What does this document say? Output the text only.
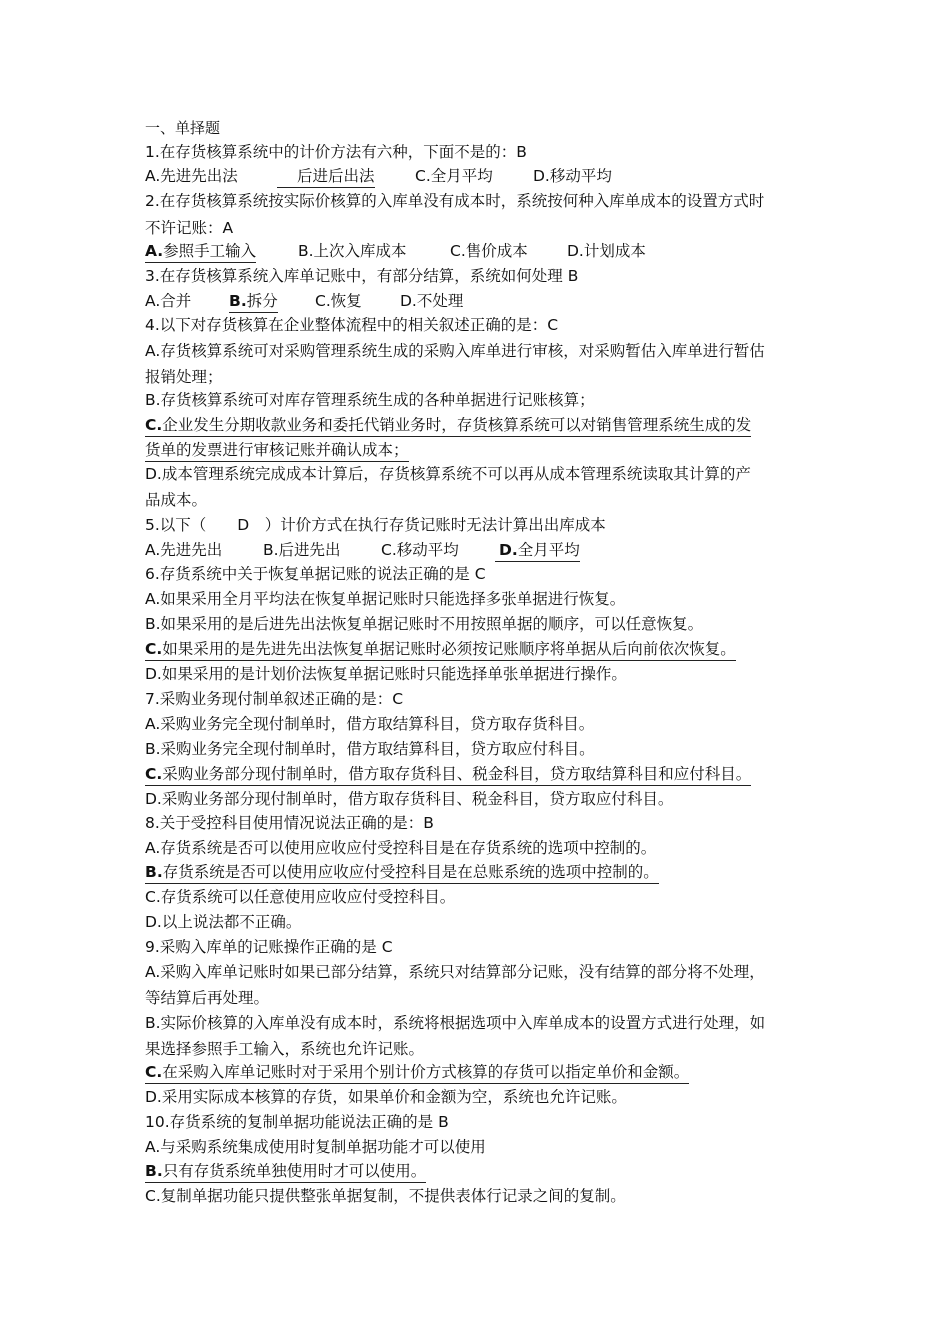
一、单择题
1.在存货核算系统中的计价方法有六种，下面不是的：B
A.先进先出法	后进后出法	C.全月平均	D.移动平均
2.在存货核算系统按实际价核算的入库单没有成本时，系统按何种入库单成本的设置方式时
不许记账：A
A.参照手工输入	B.上次入库成本	C.售价成本	D.计划成本
3.在存货核算系统入库单记账中，有部分结算，系统如何处理 B
A.合并 B.拆分 C.恢复 D.不处理
4.以下对存货核算在企业整体流程中的相关叙述正确的是：C
A.存货核算系统可对采购管理系统生成的采购入库单进行审核，对采购暂估入库单进行暂估
报销处理；
B.存货核算系统可对库存管理系统生成的各种单据进行记账核算；
C.企业发生分期收款业务和委托代销业务时，存货核算系统可以对销售管理系统生成的发
货单的发票进行审核记账并确认成本；
D.成本管理系统完成成本计算后，存货核算系统不可以再从成本管理系统读取其计算的产
品成本。
5.以下（　　D　）计价方式在执行存货记账时无法计算出出库成本
A.先进先出	B.后进先出	C.移动平均	D.全月平均
6.存货系统中关于恢复单据记账的说法正确的是 C
A.如果采用全月平均法在恢复单据记账时只能选择多张单据进行恢复。
B.如果采用的是后进先出法恢复单据记账时不用按照单据的顺序，可以任意恢复。
C.如果采用的是先进先出法恢复单据记账时必须按记账顺序将单据从后向前依次恢复。
D.如果采用的是计划价法恢复单据记账时只能选择单张单据进行操作。
7.采购业务现付制单叙述正确的是：C
A.采购业务完全现付制单时，借方取结算科目，贷方取存货科目。
B.采购业务完全现付制单时，借方取结算科目，贷方取应付科目。
C.采购业务部分现付制单时，借方取存货科目、税金科目，贷方取结算科目和应付科目。
D.采购业务部分现付制单时，借方取存货科目、税金科目，贷方取应付科目。
8.关于受控科目使用情况说法正确的是：B
A.存货系统是否可以使用应收应付受控科目是在存货系统的选项中控制的。
B.存货系统是否可以使用应收应付受控科目是在总账系统的选项中控制的。
C.存货系统可以任意使用应收应付受控科目。
D.以上说法都不正确。
9.采购入库单的记账操作正确的是 C
A.采购入库单记账时如果已部分结算，系统只对结算部分记账，没有结算的部分将不处理，
等结算后再处理。
B.实际价核算的入库单没有成本时，系统将根据选项中入库单成本的设置方式进行处理，如
果选择参照手工输入，系统也允许记账。
C.在采购入库单记账时对于采用个别计价方式核算的存货可以指定单价和金额。
D.采用实际成本核算的存货，如果单价和金额为空，系统也允许记账。
10.存货系统的复制单据功能说法正确的是 B
A.与采购系统集成使用时复制单据功能才可以使用
B.只有存货系统单独使用时才可以使用。
C.复制单据功能只提供整张单据复制，不提供表体行记录之间的复制。
